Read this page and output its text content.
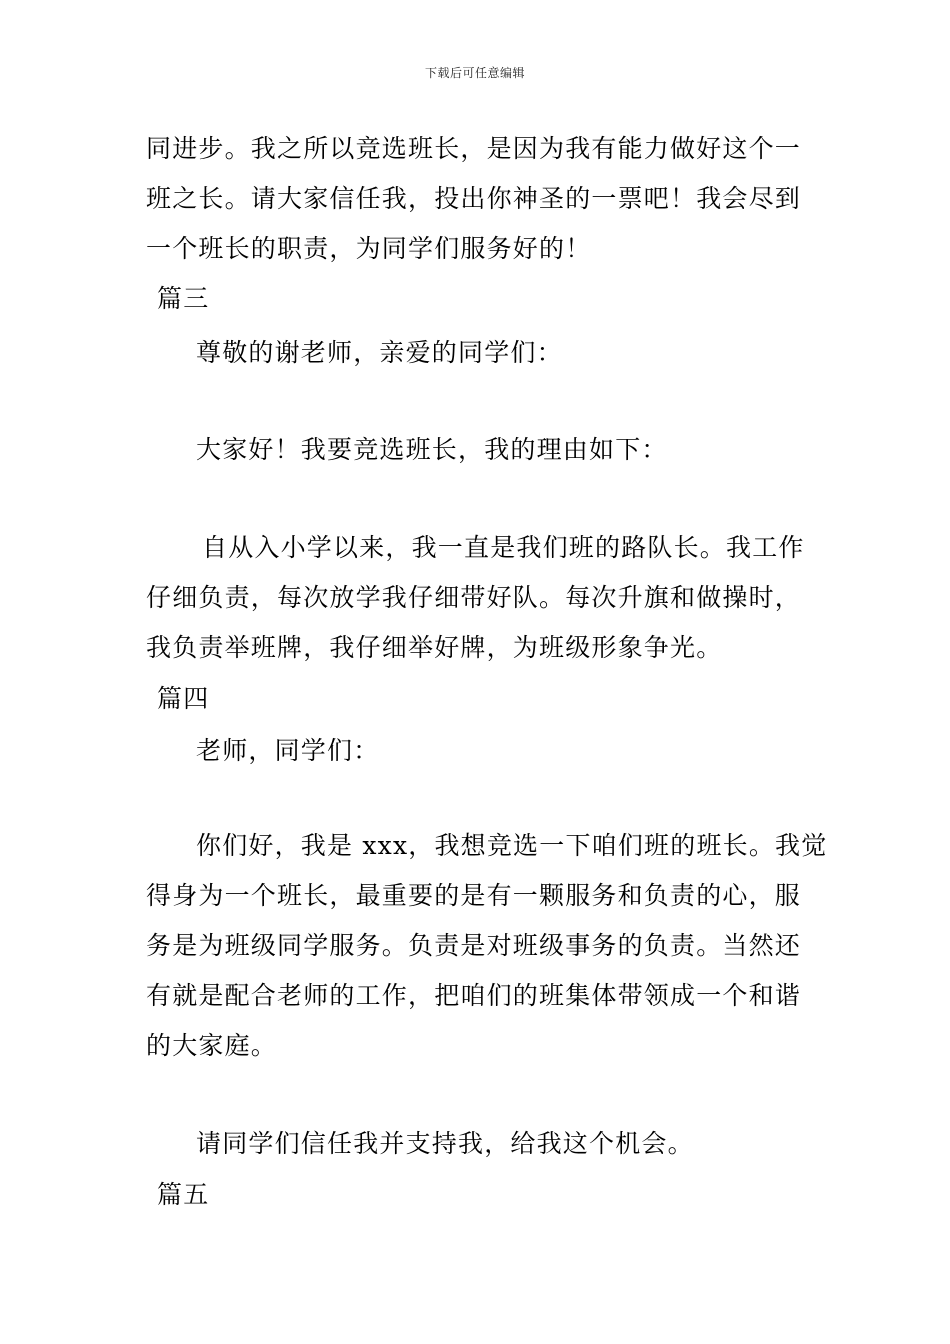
下载后可任意编辑
同进步。我之所以竞选班长，是因为我有能力做好这个一
班之长。请大家信任我，投出你神圣的一票吧！我会尽到
一个班长的职责，为同学们服务好的！
篇三
尊敬的谢老师，亲爱的同学们：
大家好！我要竞选班长，我的理由如下：
自从入小学以来，我一直是我们班的路队长。我工作
仔细负责，每次放学我仔细带好队。每次升旗和做操时，
我负责举班牌，我仔细举好牌，为班级形象争光。
篇四
老师，同学们：
你们好，我是 xxx，我想竞选一下咱们班的班长。我觉
得身为一个班长，最重要的是有一颗服务和负责的心，服
务是为班级同学服务。负责是对班级事务的负责。当然还
有就是配合老师的工作，把咱们的班集体带领成一个和谐
的大家庭。
请同学们信任我并支持我，给我这个机会。
篇五
